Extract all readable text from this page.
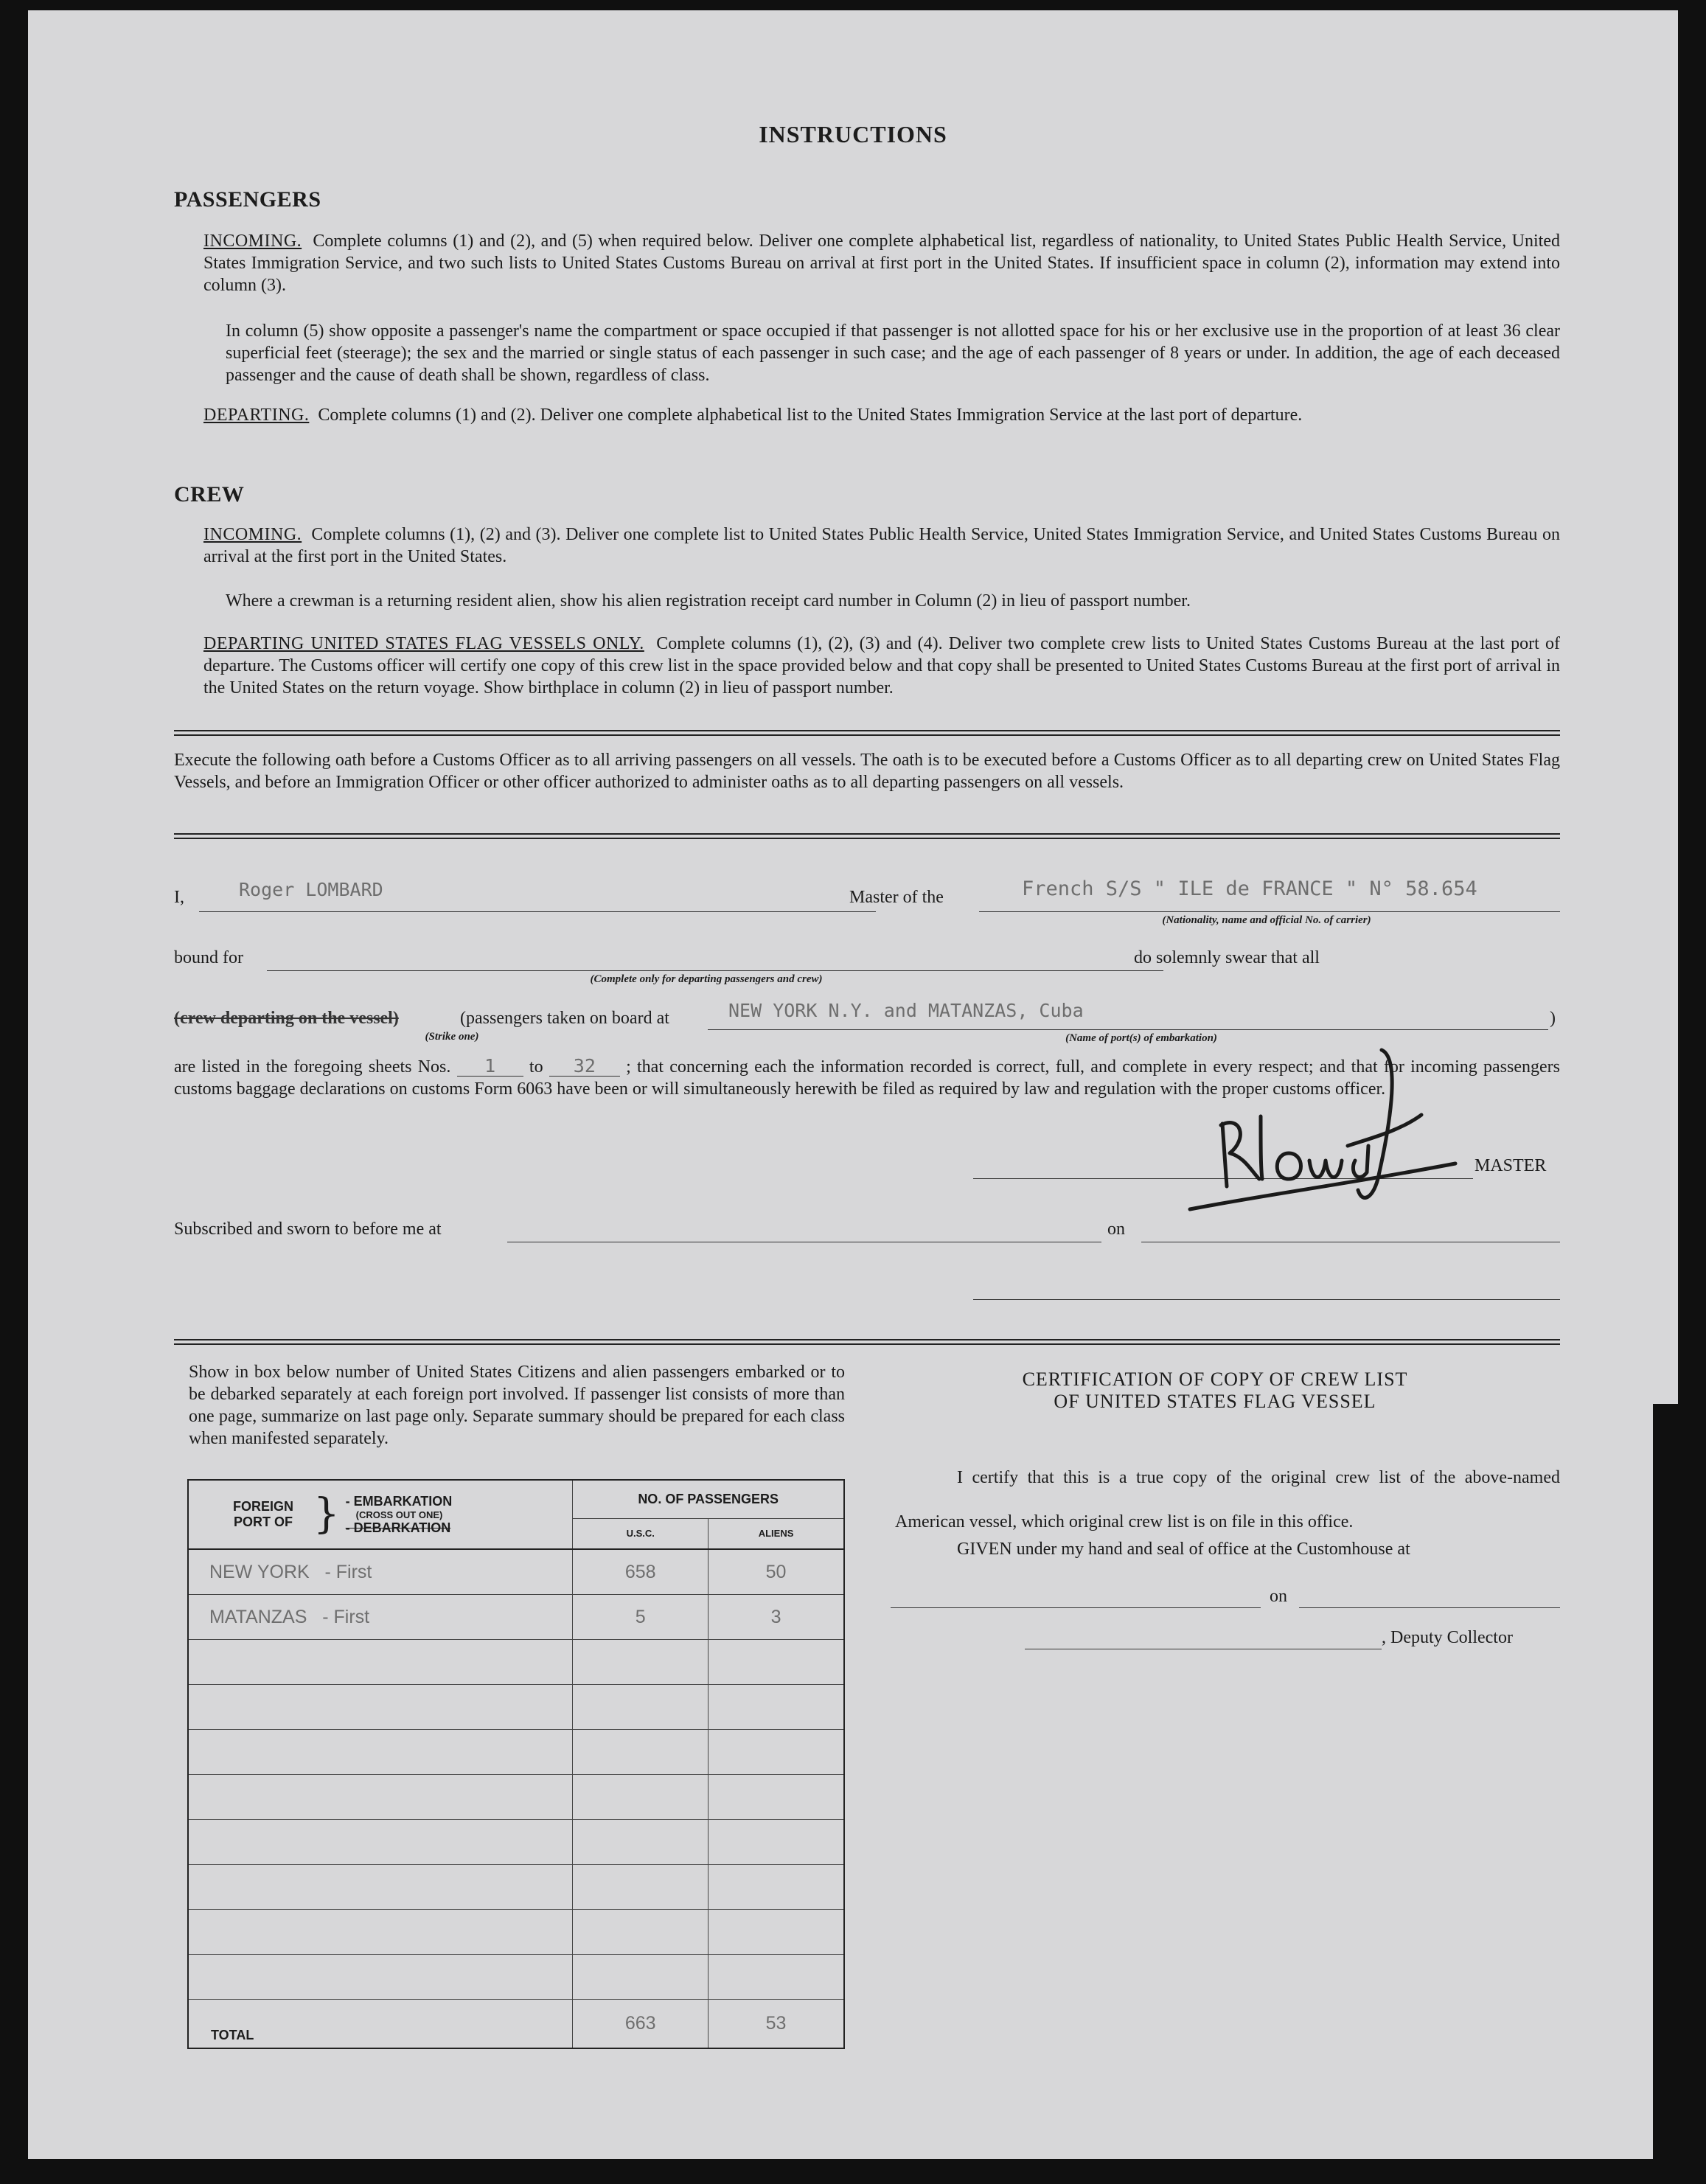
INSTRUCTIONS
PASSENGERS
INCOMING. Complete columns (1) and (2), and (5) when required below. Deliver one complete alphabetical list, regardless of nationality, to United States Public Health Service, United States Immigration Service, and two such lists to United States Customs Bureau on arrival at first port in the United States. If insufficient space in column (2), information may extend into column (3).
In column (5) show opposite a passenger's name the compartment or space occupied if that passenger is not allotted space for his or her exclusive use in the proportion of at least 36 clear superficial feet (steerage); the sex and the married or single status of each passenger in such case; and the age of each passenger of 8 years or under. In addition, the age of each deceased passenger and the cause of death shall be shown, regardless of class.
DEPARTING. Complete columns (1) and (2). Deliver one complete alphabetical list to the United States Immigration Service at the last port of departure.
CREW
INCOMING. Complete columns (1), (2) and (3). Deliver one complete list to United States Public Health Service, United States Immigration Service, and United States Customs Bureau on arrival at the first port in the United States.
Where a crewman is a returning resident alien, show his alien registration receipt card number in Column (2) in lieu of passport number.
DEPARTING UNITED STATES FLAG VESSELS ONLY. Complete columns (1), (2), (3) and (4). Deliver two complete crew lists to United States Customs Bureau at the last port of departure. The Customs officer will certify one copy of this crew list in the space provided below and that copy shall be presented to United States Customs Bureau at the first port of arrival in the United States on the return voyage. Show birthplace in column (2) in lieu of passport number.
Execute the following oath before a Customs Officer as to all arriving passengers on all vessels. The oath is to be executed before a Customs Officer as to all departing crew on United States Flag Vessels, and before an Immigration Officer or other officer authorized to administer oaths as to all departing passengers on all vessels.
I,	Roger LOMBARD	Master of the	French S/S " ILE de FRANCE " N° 58.654
(Nationality, name and official No. of carrier)
bound for
(Complete only for departing passengers and crew)
do solemnly swear that all
(crew departing on the vessel)
(Strike one)
(passengers taken on board at	NEW YORK N.Y. and MATANZAS, Cuba
(Name of port(s) of embarkation)
)
are listed in the foregoing sheets Nos. 1 to 32 ; that concerning each the information recorded is correct, full, and complete in every respect; and that for incoming passengers customs baggage declarations on customs Form 6063 have been or will simultaneously herewith be filed as required by law and regulation with the proper customs officer.
MASTER
Subscribed and sworn to before me at	on
Show in box below number of United States Citizens and alien passengers embarked or to be debarked separately at each foreign port involved. If passenger list consists of more than one page, summarize on last page only. Separate summary should be prepared for each class when manifested separately.
FOREIGN PORT OF } - EMBARKATION
(CROSS OUT ONE)
- DEBARKATION	NO. OF PASSENGERS	
	U.S.C.	ALIENS
NEW YORK   - First	658	50
MATANZAS   - First	5	3

TOTAL	663	53
CERTIFICATION OF COPY OF CREW LIST
OF UNITED STATES FLAG VESSEL
I certify that this is a true copy of the original crew list of the above-named American vessel, which original crew list is on file in this office.
GIVEN under my hand and seal of office at the Customhouse at
on
, Deputy Collector
